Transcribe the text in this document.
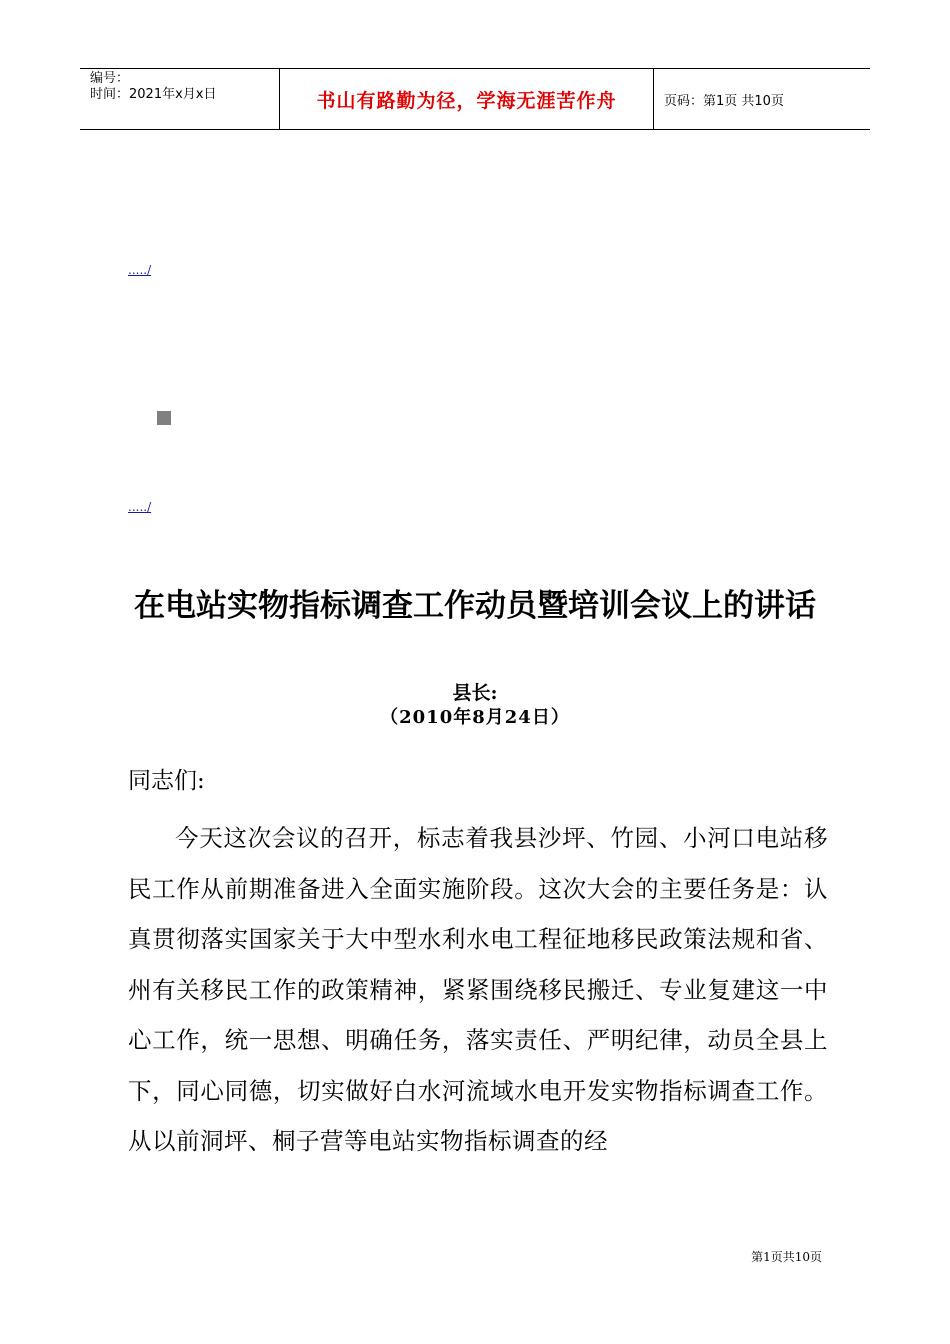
编号：
时间：2021年x月x日	书山有路勤为径，学海无涯苦作舟	页码：第1页 共10页
...../
...../
在电站实物指标调查工作动员暨培训会议上的讲话
县长:
（2010年8月24日）
同志们:
今天这次会议的召开，标志着我县沙坪、竹园、小河口电站移民工作从前期准备进入全面实施阶段。这次大会的主要任务是：认真贯彻落实国家关于大中型水利水电工程征地移民政策法规和省、州有关移民工作的政策精神，紧紧围绕移民搬迁、专业复建这一中心工作，统一思想、明确任务，落实责任、严明纪律，动员全县上下，同心同德，切实做好白水河流域水电开发实物指标调查工作。从以前洞坪、桐子营等电站实物指标调查的经
第1页共10页
